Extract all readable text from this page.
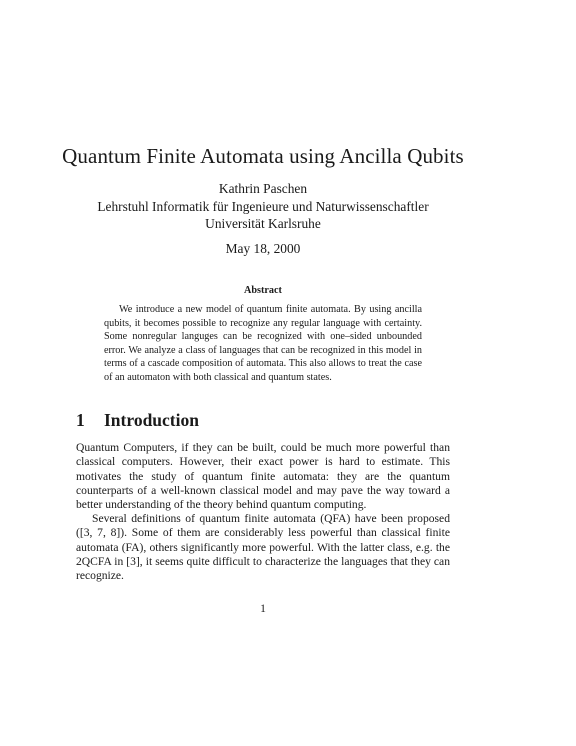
Quantum Finite Automata using Ancilla Qubits
Kathrin Paschen
Lehrstuhl Informatik für Ingenieure und Naturwissenschaftler
Universität Karlsruhe
May 18, 2000
Abstract

We introduce a new model of quantum finite automata. By using ancilla qubits, it becomes possible to recognize any regular language with certainty. Some nonregular languges can be recognized with one–sided unbounded error. We analyze a class of languages that can be recognized in this model in terms of a cascade composition of automata. This also allows to treat the case of an automaton with both classical and quantum states.

1 Introduction

Quantum Computers, if they can be built, could be much more powerful than classical computers. However, their exact power is hard to estimate. This motivates the study of quantum finite automata: they are the quantum counterparts of a well-known classical model and may pave the way toward a better understanding of the theory behind quantum computing.

Several definitions of quantum finite automata (QFA) have been proposed ([3, 7, 8]). Some of them are considerably less powerful than classical finite automata (FA), others significantly more powerful. With the latter class, e.g. the 2QCFA in [3], it seems quite difficult to characterize the languages that they can recognize.

1
